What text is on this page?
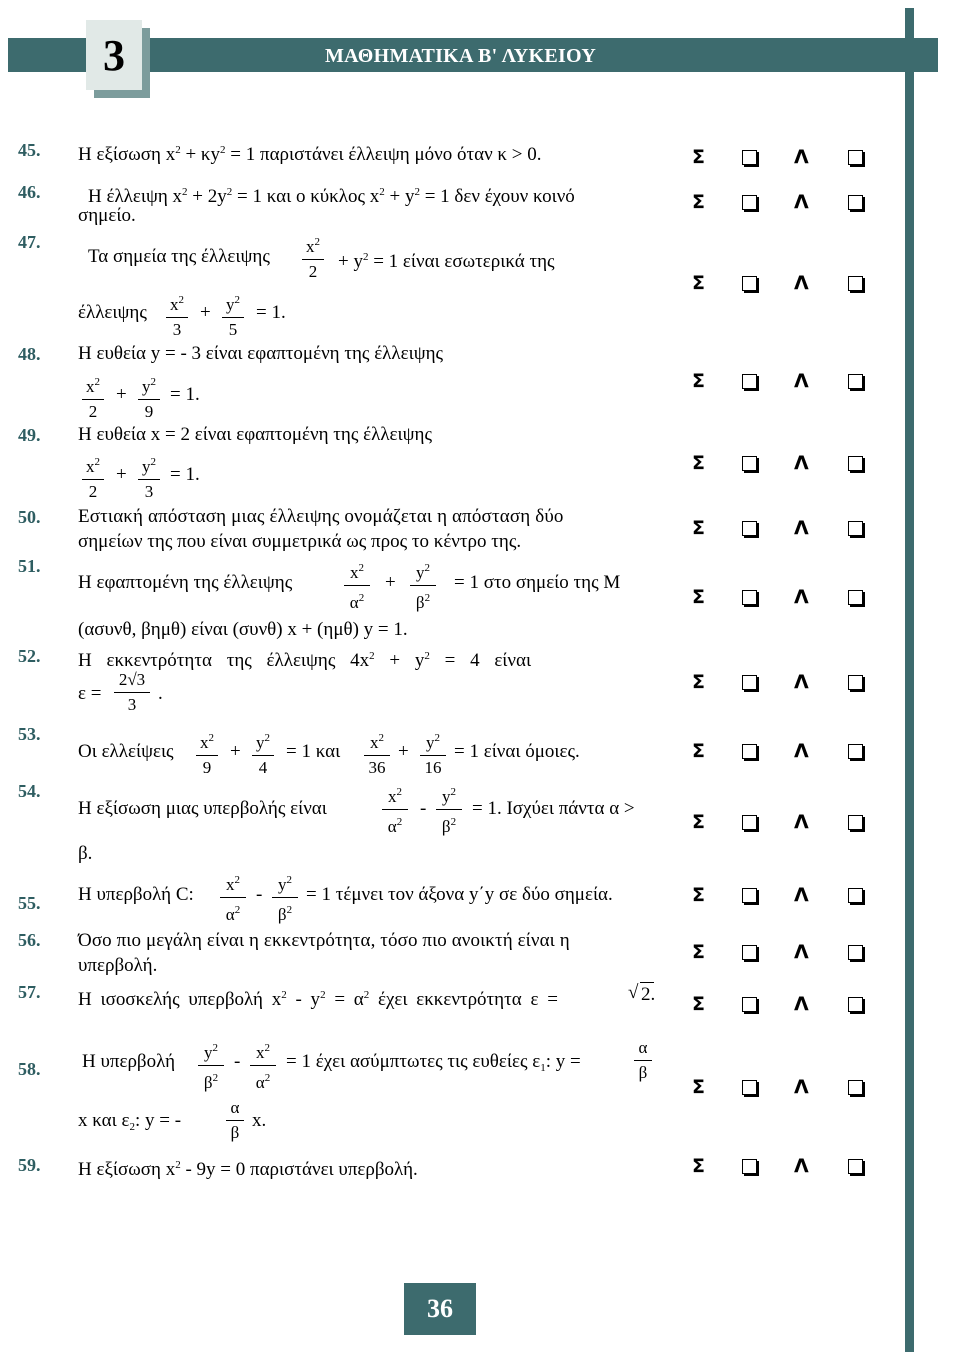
3	ΜΑΘΗΜΑΤΙΚΑ Β' ΛΥΚΕΙΟΥ
45. Η εξίσωση $x^2 + \kappa y^2 = 1$ παριστάνει έλλειψη μόνο όταν κ > 0.	Σ	Λ
46.	Η έλλειψη $x^2 + 2y^2 = 1$ και ο κύκλος $x^2 + y^2 = 1$ δεν έχουν κοινό
σημείο.
Σ	Λ
47.
Τα σημεία της έλλειψης $x^2$
2	+ $y^2 = 1$ είναι εσωτερικά της
έλλειψης $x^2$
3
+ $y^2$
5
= 1.
Σ	Λ
48. Η ευθεία y = - 3 είναι εφαπτομένη της έλλειψης
$x^2$
2
+ $y^2$
9
= 1.
Σ	Λ
49. Η ευθεία x = 2 είναι εφαπτομένη της έλλειψης
$x^2$
2
+ $y^2$
3
= 1.
Σ	Λ
50. Εστιακή απόσταση μιας έλλειψης ονομάζεται η απόσταση δύο
σημείων της που είναι συμμετρικά ως προς το κέντρο της.
Σ	Λ
51.
Η εφαπτομένη της έλλειψης	$x^2$
$\alpha^2$
+	$y^2$
$\beta^2$
= 1 στο σημείο της Μ
(ασυνθ, βημθ) είναι (συνθ) x + (ημθ) y = 1.
Σ	Λ
52. Η εκκεντρότητα της έλλειψης $4x^2 + y^2 = 4$ είναι
ε =
2√3
3
.
Σ	Λ
53.
Οι ελλείψεις $x^2$
9
+ $y^2$
4
= 1 και	$x^2$
36
+	$y^2$
16
= 1 είναι όμοιες.	Σ	Λ
54.
Η εξίσωση μιας υπερβολής είναι
$x^2$
$\alpha^2$
-
$y^2$
$\beta^2$
= 1. Ισχύει πάντα α >
β.
Σ	Λ
55. Η υπερβολή C:	$x^2$
$\alpha^2$
- $y^2$
$\beta^2$
= 1 τέμνει τον άξονα y΄y σε δύο σημεία.	Σ	Λ
56. Όσο πιο μεγάλη είναι η εκκεντρότητα, τόσο πιο ανοικτή είναι η
υπερβολή.
Σ	Λ
57. Η ισοσκελής υπερβολή $x^2 - y^2 = \alpha^2$ έχει εκκεντρότητα ε =	√ 2. Σ	Λ
58. Η υπερβολή	$y^2$
$\beta^2$
- $x^2$
$\alpha^2$
= 1 έχει ασύμπτωτες τις ευθείες $\varepsilon_1$: y =
α
β
x και $\varepsilon_2$: y = -
α
β
x.
Σ	Λ
59. Η εξίσωση $x^2 - 9y = 0$ παριστάνει υπερβολή.	Σ	Λ
36
